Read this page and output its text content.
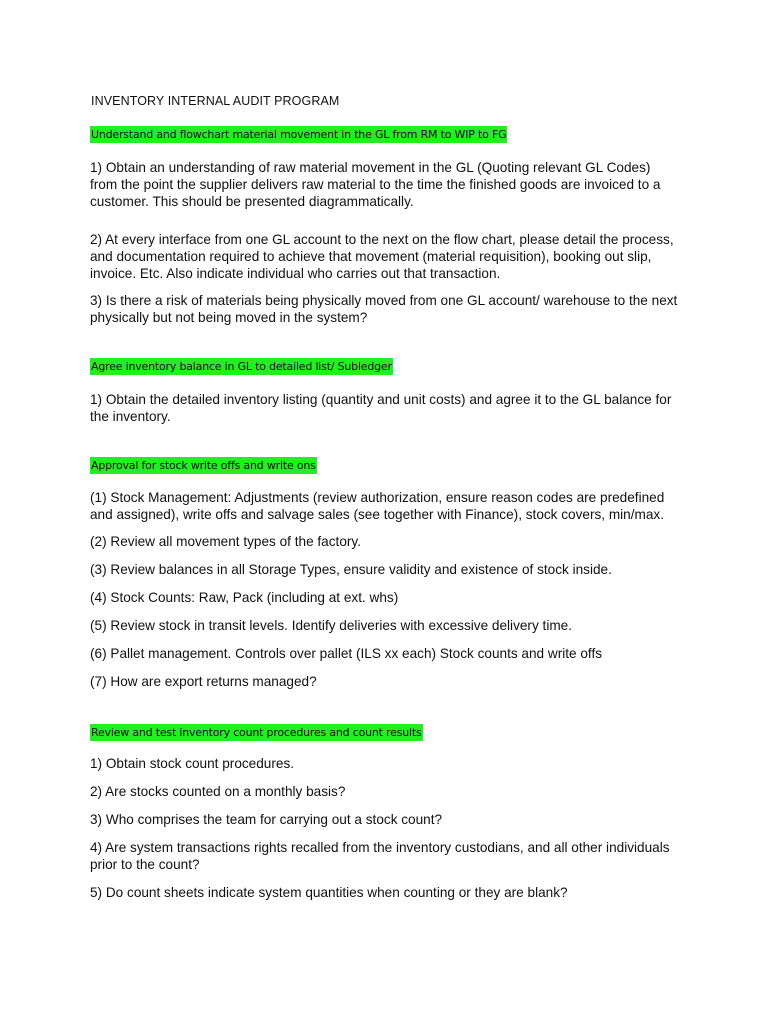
INVENTORY INTERNAL AUDIT PROGRAM
Understand and flowchart material movement in the GL from RM to WIP to FG

1) Obtain an understanding of raw material movement in the GL (Quoting relevant GL Codes) from the point the supplier delivers raw material to the time the finished goods are invoiced to a customer. This should be presented diagrammatically.

2) At every interface from one GL account to the next on the flow chart, please detail the process, and documentation required to achieve that movement (material requisition), booking out slip, invoice. Etc. Also indicate individual who carries out that transaction.

3) Is there a risk of materials being physically moved from one GL account/ warehouse to the next physically but not being moved in the system?

Agree inventory balance in GL to detailed list/ Subledger

1) Obtain the detailed inventory listing (quantity and unit costs) and agree it to the GL balance for the inventory.

Approval for stock write offs and write ons

(1) Stock Management: Adjustments (review authorization, ensure reason codes are predefined and assigned), write offs and salvage sales (see together with Finance), stock covers, min/max.

(2) Review all movement types of the factory.

(3) Review balances in all Storage Types, ensure validity and existence of stock inside.

(4) Stock Counts: Raw, Pack (including at ext. whs)

(5) Review stock in transit levels. Identify deliveries with excessive delivery time.

(6) Pallet management. Controls over pallet (ILS xx each) Stock counts and write offs

(7) How are export returns managed?

Review and test inventory count procedures and count results

1) Obtain stock count procedures.

2) Are stocks counted on a monthly basis?

3) Who comprises the team for carrying out a stock count?

4) Are system transactions rights recalled from the inventory custodians, and all other individuals prior to the count?

5) Do count sheets indicate system quantities when counting or they are blank?
